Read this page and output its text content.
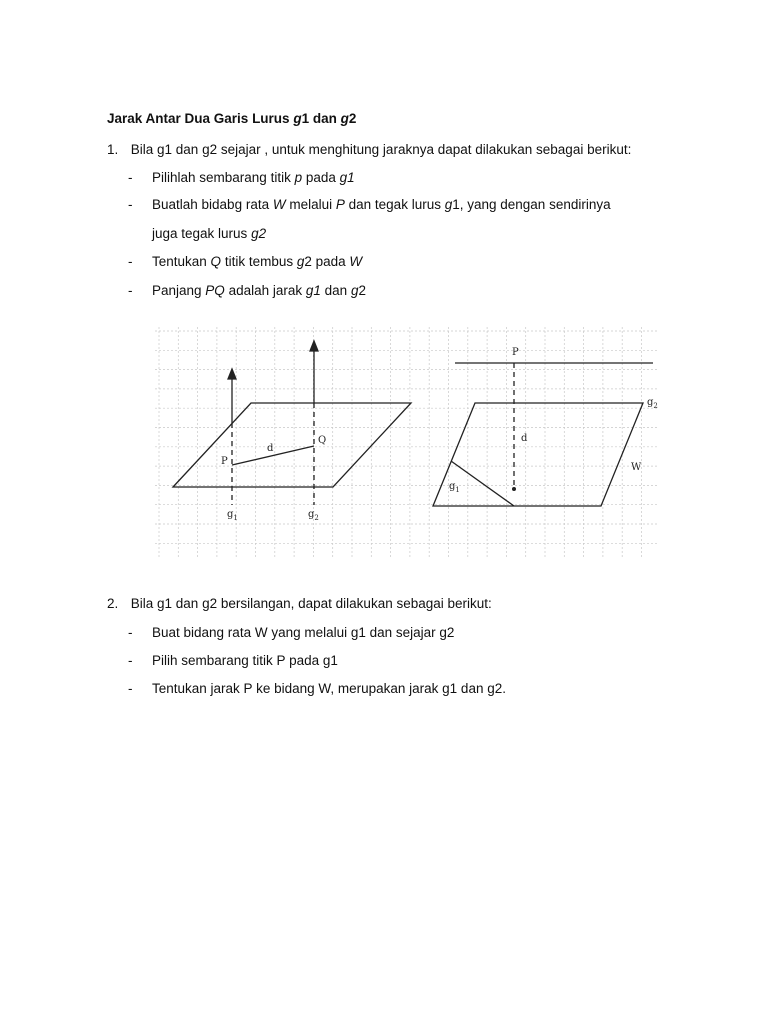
Jarak Antar Dua Garis Lurus g1 dan g2
1. Bila g1 dan g2 sejajar , untuk menghitung jaraknya dapat dilakukan sebagai berikut:
- Pilihlah sembarang titik p pada g1
- Buatlah bidabg rata W melalui P dan tegak lurus g1, yang dengan sendirinya
juga tegak lurus g2
- Tentukan Q titik tembus g2 pada W
- Panjang PQ adalah jarak g1 dan g2
P
Q
d
$g_1$	$g_2$
P
d
W
$g_1$
$g_2$
2. Bila g1 dan g2 bersilangan, dapat dilakukan sebagai berikut:
- Buat bidang rata W yang melalui g1 dan sejajar g2
- Pilih sembarang titik P pada g1
- Tentukan jarak P ke bidang W, merupakan jarak g1 dan g2.
